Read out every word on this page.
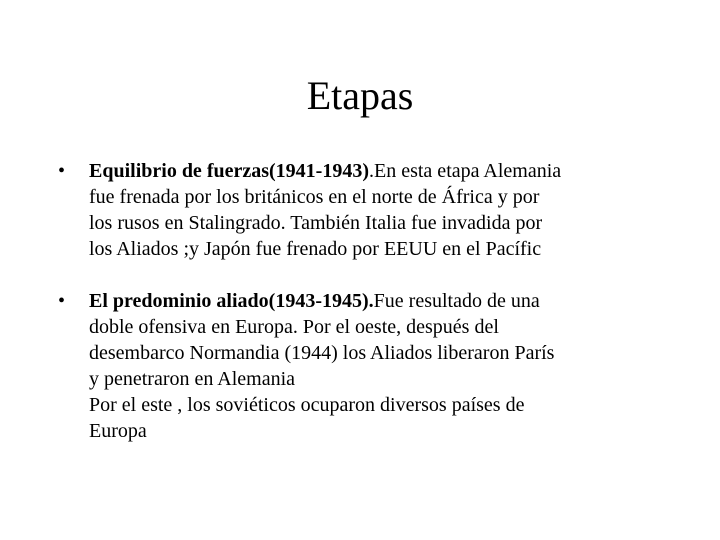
Etapas
•	Equilibrio de fuerzas(1941-1943).En esta etapa Alemania
fue frenada por los británicos en el norte de África y por
los rusos en Stalingrado. También Italia fue invadida por
los Aliados ;y Japón fue frenado por EEUU en el Pacífic
•	El predominio aliado(1943-1945).Fue resultado de una
doble ofensiva en Europa. Por el oeste, después del
desembarco Normandia (1944) los Aliados liberaron París
y penetraron en Alemania
Por el este , los soviéticos ocuparon diversos países de
Europa
